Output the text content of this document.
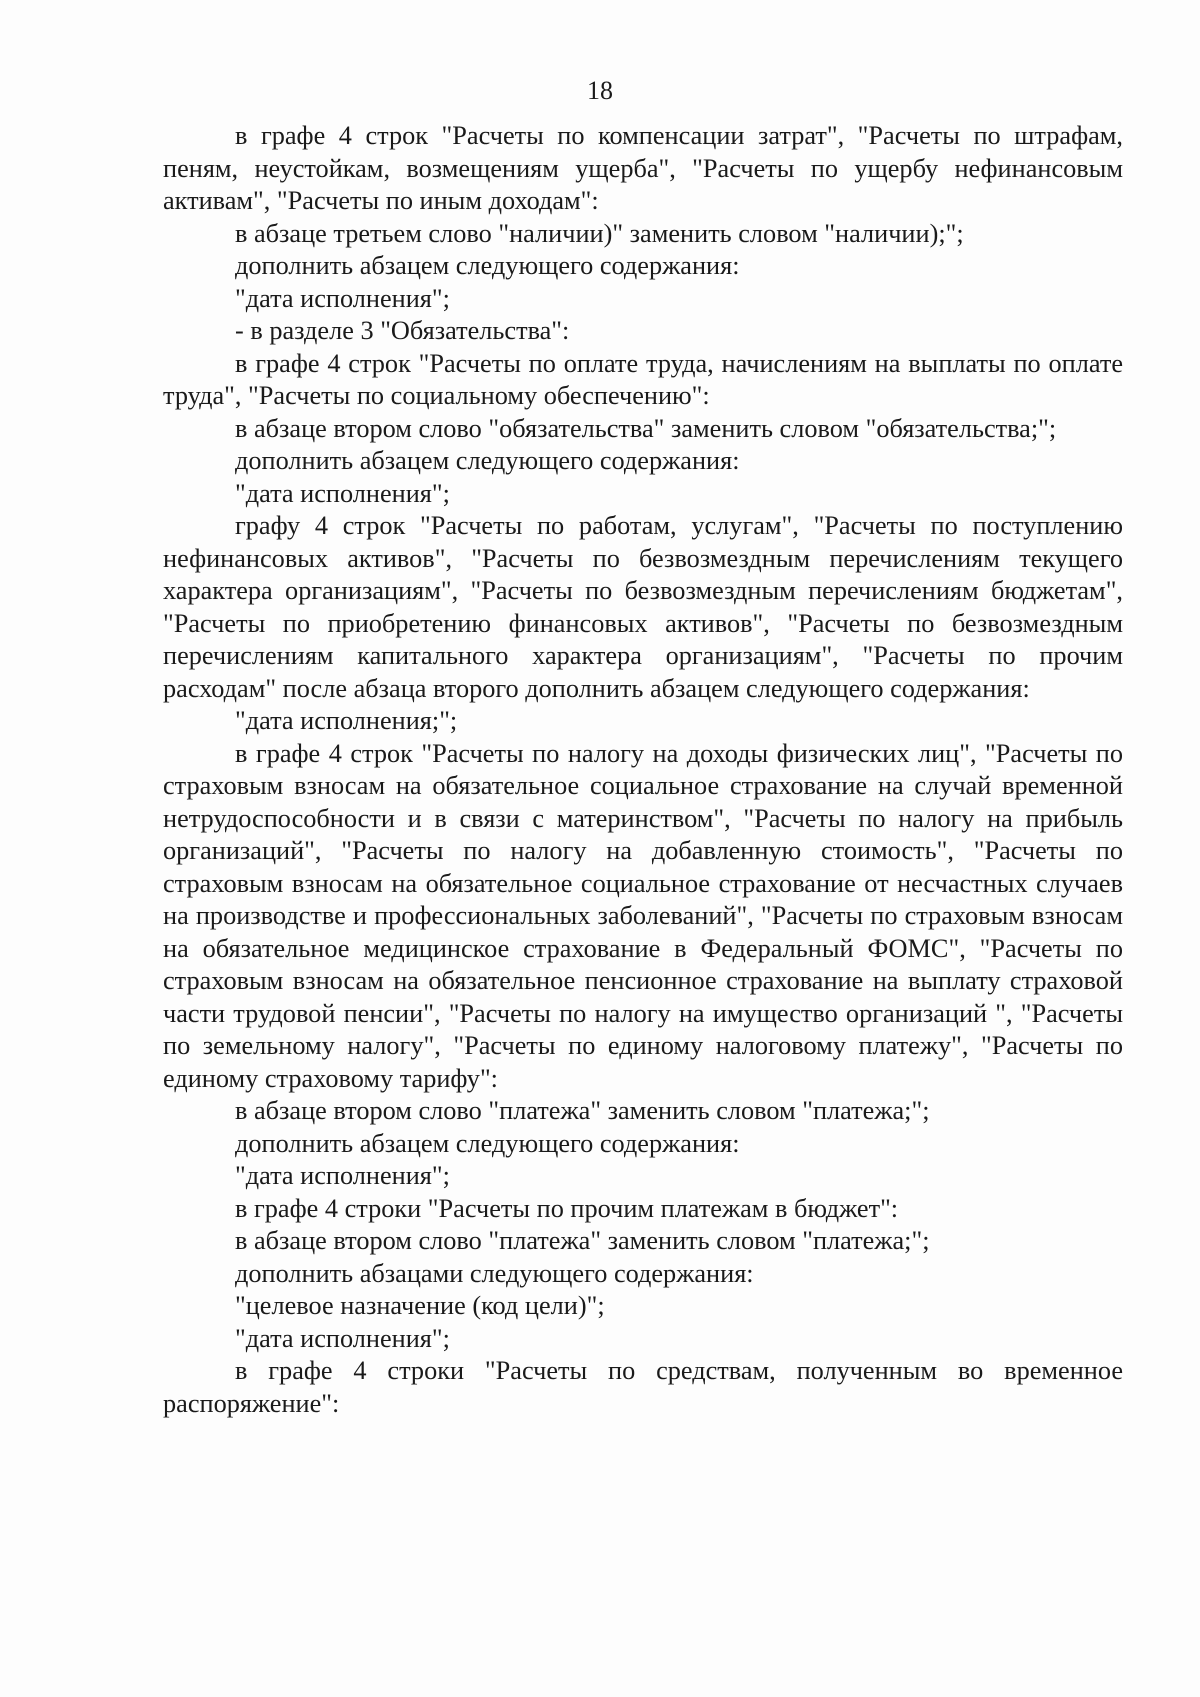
18

в графе 4 строк "Расчеты по компенсации затрат", "Расчеты по штрафам, пеням, неустойкам, возмещениям ущерба", "Расчеты по ущербу нефинансовым активам", "Расчеты по иным доходам":

в абзаце третьем слово "наличии)" заменить словом "наличии);";

дополнить абзацем следующего содержания:

"дата исполнения";

- в разделе 3 "Обязательства":

в графе 4 строк "Расчеты по оплате труда, начислениям на выплаты по оплате труда", "Расчеты по социальному обеспечению":

в абзаце втором слово "обязательства" заменить словом "обязательства;";

дополнить абзацем следующего содержания:

"дата исполнения";

графу 4 строк "Расчеты по работам, услугам", "Расчеты по поступлению нефинансовых активов", "Расчеты по безвозмездным перечислениям текущего характера организациям", "Расчеты по безвозмездным перечислениям бюджетам", "Расчеты по приобретению финансовых активов", "Расчеты по безвозмездным перечислениям капитального характера организациям", "Расчеты по прочим расходам" после абзаца второго дополнить абзацем следующего содержания:

"дата исполнения;";

в графе 4 строк "Расчеты по налогу на доходы физических лиц", "Расчеты по страховым взносам на обязательное социальное страхование на случай временной нетрудоспособности и в связи с материнством", "Расчеты по налогу на прибыль организаций", "Расчеты по налогу на добавленную стоимость", "Расчеты по страховым взносам на обязательное социальное страхование от несчастных случаев на производстве и профессиональных заболеваний", "Расчеты по страховым взносам на обязательное медицинское страхование в Федеральный ФОМС", "Расчеты по страховым взносам на обязательное пенсионное страхование на выплату страховой части трудовой пенсии", "Расчеты по налогу на имущество организаций ", "Расчеты по земельному налогу", "Расчеты по единому налоговому платежу", "Расчеты по единому страховому тарифу":

в абзаце втором слово "платежа" заменить словом "платежа;";

дополнить абзацем следующего содержания:

"дата исполнения";

в графе 4 строки "Расчеты по прочим платежам в бюджет":

в абзаце втором слово "платежа" заменить словом "платежа;";

дополнить абзацами следующего содержания:

"целевое назначение (код цели)";

"дата исполнения";

в графе 4 строки "Расчеты по средствам, полученным во временное распоряжение":
